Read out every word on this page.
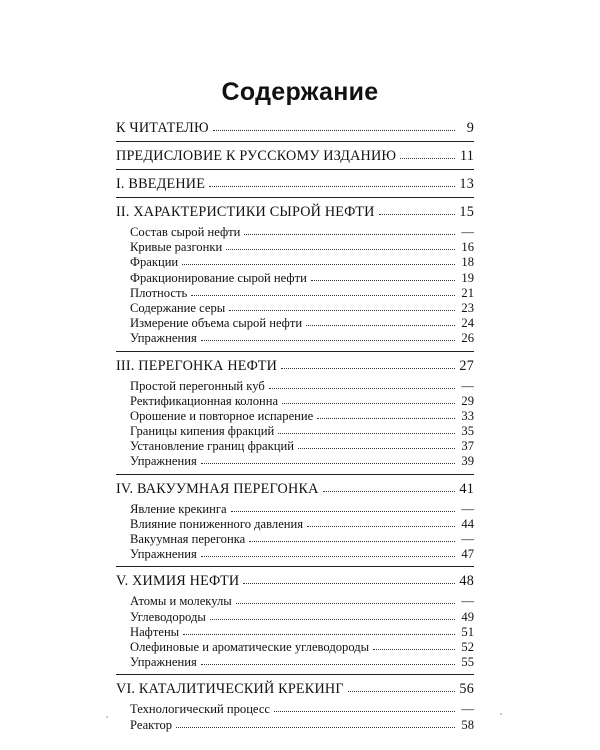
Содержание
К ЧИТАТЕЛЮ	9
ПРЕДИСЛОВИЕ К РУССКОМУ ИЗДАНИЮ	11
I. ВВЕДЕНИЕ	13
II. ХАРАКТЕРИСТИКИ СЫРОЙ НЕФТИ	15
Состав сырой нефти	—
Кривые разгонки	16
Фракции	18
Фракционирование сырой нефти	19
Плотность	21
Содержание серы	23
Измерение объема сырой нефти	24
Упражнения	26
III. ПЕРЕГОНКА НЕФТИ	27
Простой перегонный куб	—
Ректификационная колонна	29
Орошение и повторное испарение	33
Границы кипения фракций	35
Установление границ фракций	37
Упражнения	39
IV. ВАКУУМНАЯ ПЕРЕГОНКА	41
Явление крекинга	—
Влияние пониженного давления	44
Вакуумная перегонка	—
Упражнения	47
V. ХИМИЯ НЕФТИ	48
Атомы и молекулы	—
Углеводороды	49
Нафтены	51
Олефиновые и ароматические углеводороды	52
Упражнения	55
VI. КАТАЛИТИЧЕСКИЙ КРЕКИНГ	56
Технологический процесс	—
Реактор	58
